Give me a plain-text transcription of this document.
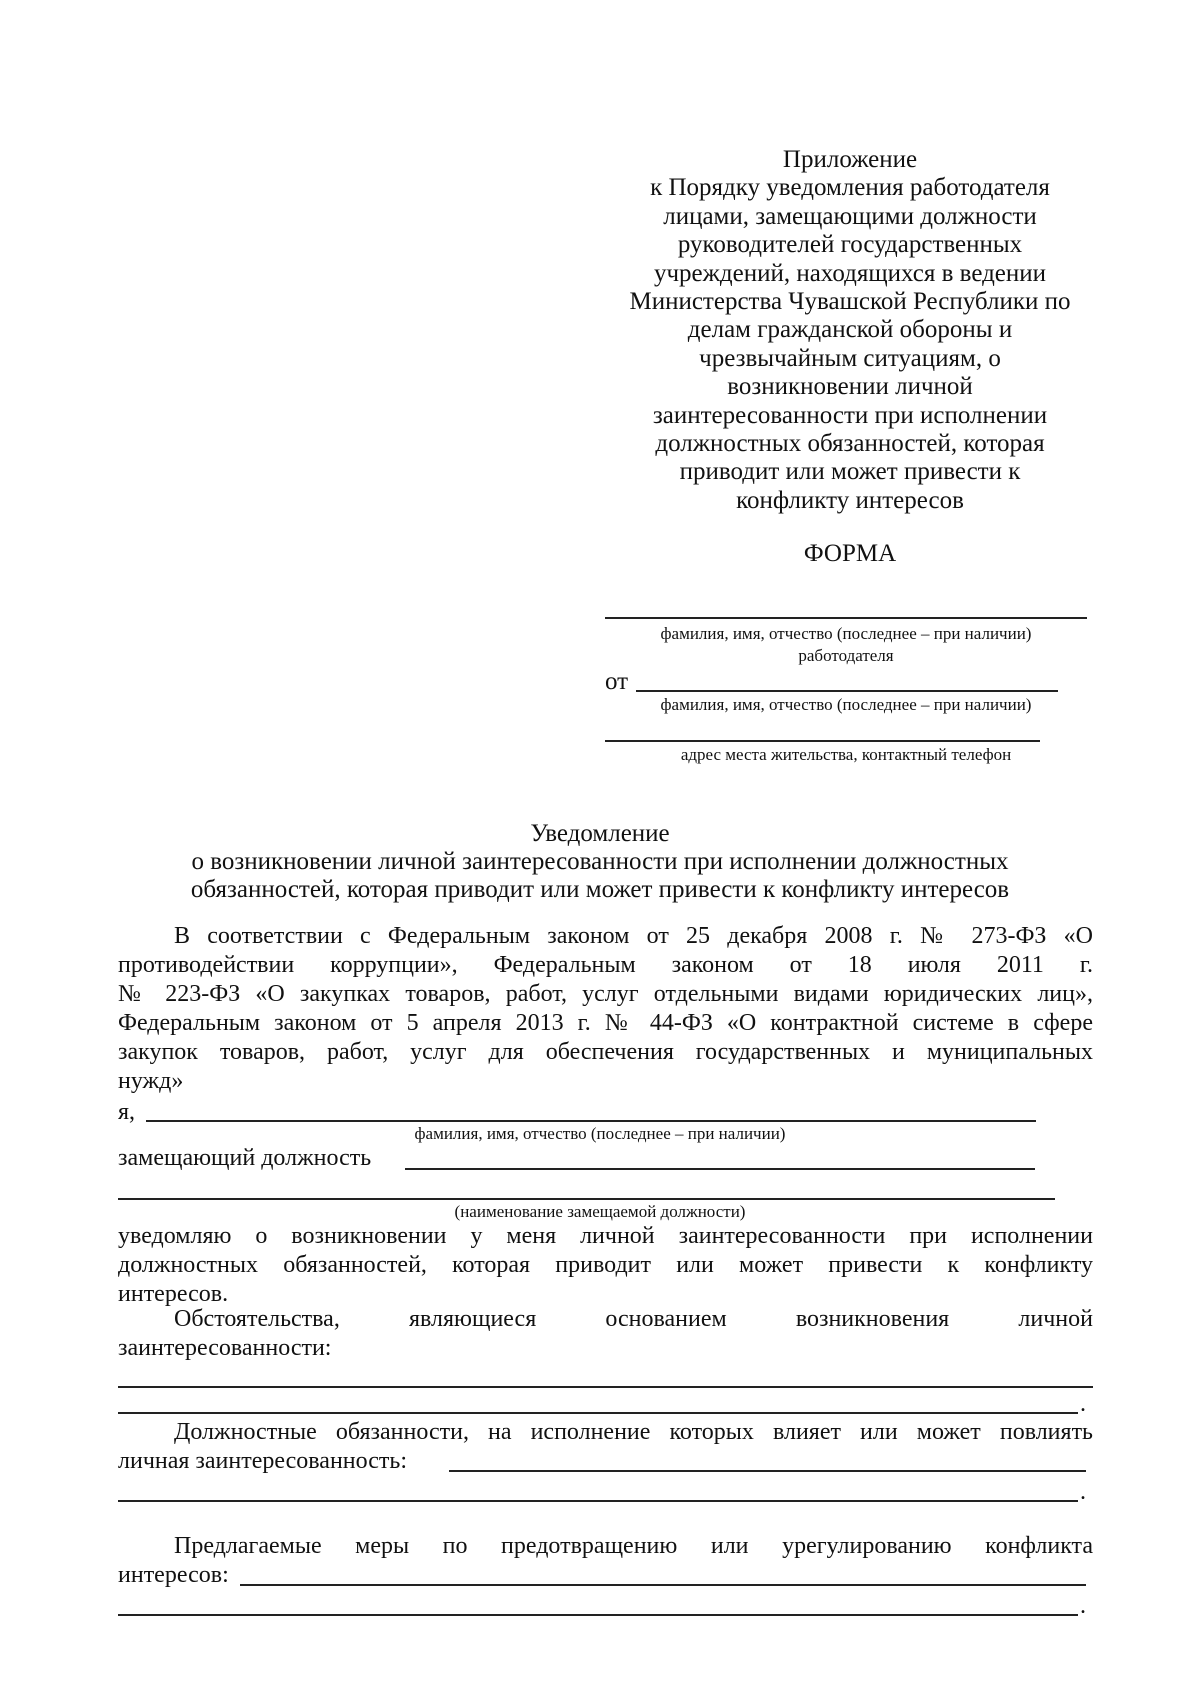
Приложение
к Порядку уведомления работодателя
лицами, замещающими должности
руководителей государственных
учреждений, находящихся в ведении
Министерства Чувашской Республики по
делам гражданской обороны и
чрезвычайным ситуациям, о
возникновении личной
заинтересованности при исполнении
должностных обязанностей, которая
приводит или может привести к
конфликту интересов
ФОРМА
фамилия, имя, отчество (последнее – при наличии)
работодателя
от
фамилия, имя, отчество (последнее – при наличии)
адрес места жительства, контактный телефон
Уведомление
о возникновении личной заинтересованности при исполнении должностных
обязанностей, которая приводит или может привести к конфликту интересов
В соответствии с Федеральным законом от 25 декабря 2008 г. № 273-ФЗ «О
противодействии коррупции», Федеральным законом от 18 июля 2011 г.
№ 223-ФЗ «О закупках товаров, работ, услуг отдельными видами юридических лиц»,
Федеральным законом от 5 апреля 2013 г. № 44-ФЗ «О контрактной системе в сфере
закупок товаров, работ, услуг для обеспечения государственных и муниципальных
нужд»
я,
фамилия, имя, отчество (последнее – при наличии)
замещающий должность
(наименование замещаемой должности)
уведомляю о возникновении у меня личной заинтересованности при исполнении
должностных обязанностей, которая приводит или может привести к конфликту
интересов.
Обстоятельства,	являющиеся	основанием	возникновения	личной
заинтересованности:
.
Должностные обязанности, на исполнение которых влияет или может повлиять
личная заинтересованность:
.
Предлагаемые меры по предотвращению или урегулированию конфликта
интересов:
.
